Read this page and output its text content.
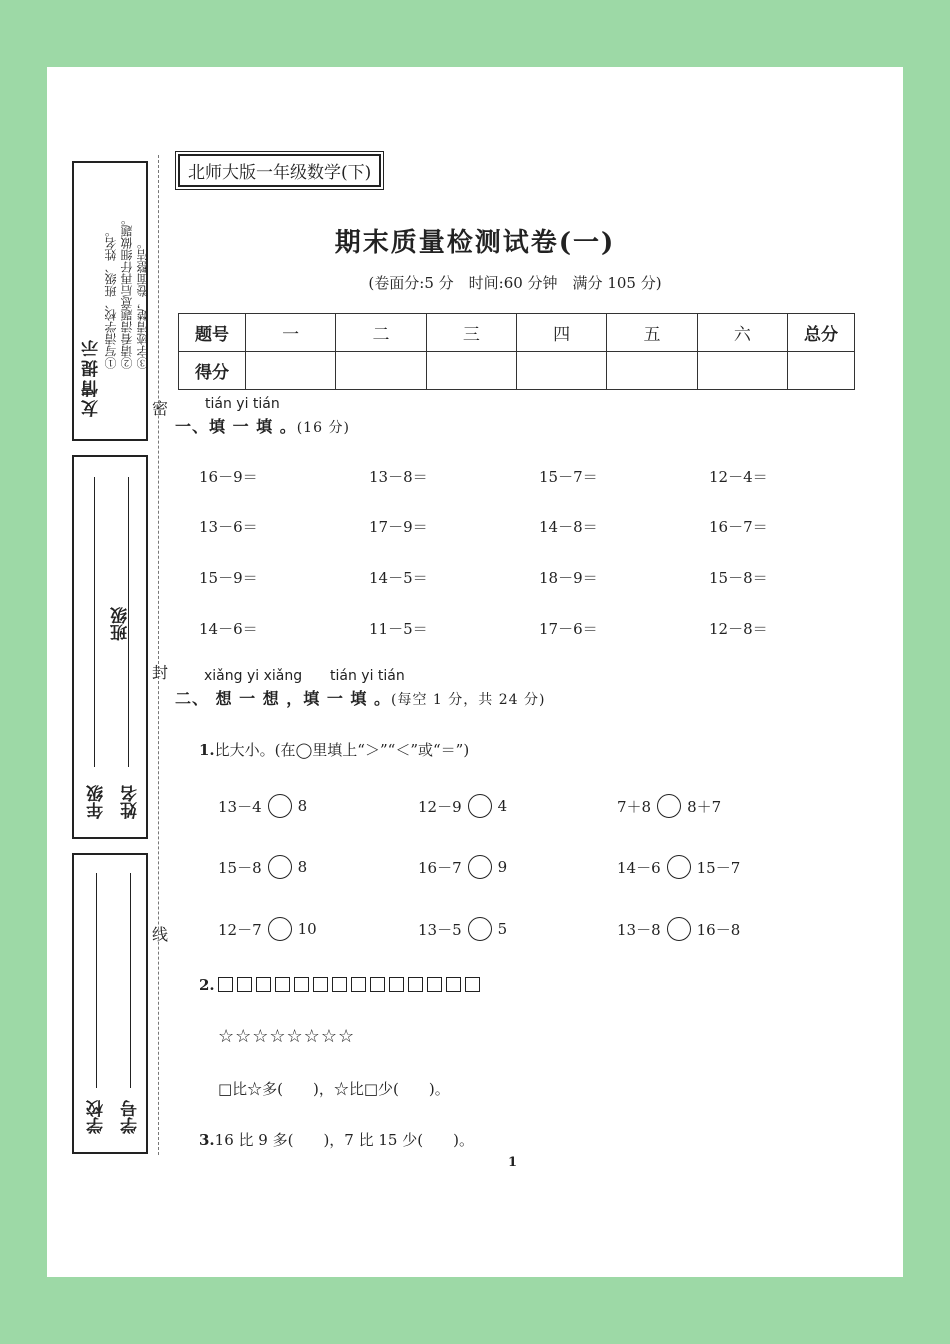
友情提示
①写清学校、班级、姓名。 ②请看清题意后再仔细做题。 ③字迹清楚，卷面整洁。
年级
班级
姓名
学校 学号
密
封
线
北师大版一年级数学(下)
期末质量检测试卷(一)
(卷面分:5 分　时间:60 分钟　满分 105 分)
题号	一	二	三	四	五	六	总分
得分							
tián yi tián
一、填 一 填 。(16 分)
16－9＝	13－8＝	15－7＝	12－4＝
13－6＝	17－9＝	14－8＝	16－7＝
15－9＝	14－5＝	18－9＝	15－8＝
14－6＝	11－5＝	17－6＝	12－8＝
xiǎng yi xiǎng tián yi tián
二、 想 一 想 ，填 一 填 。(每空 1 分，共 24 分)
1.比大小。(在◯里填上“＞”“＜”或“＝”)
13－4 8	12－9 4	7＋8 8＋7
15－8 8	16－7 9	14－6 15－7
12－7 10	13－5 5	13－8 16－8
2.
☆☆☆☆☆☆☆☆
□比☆多(　　)，☆比□少(　　)。
3.16 比 9 多(　　)，7 比 15 少(　　)。
1
